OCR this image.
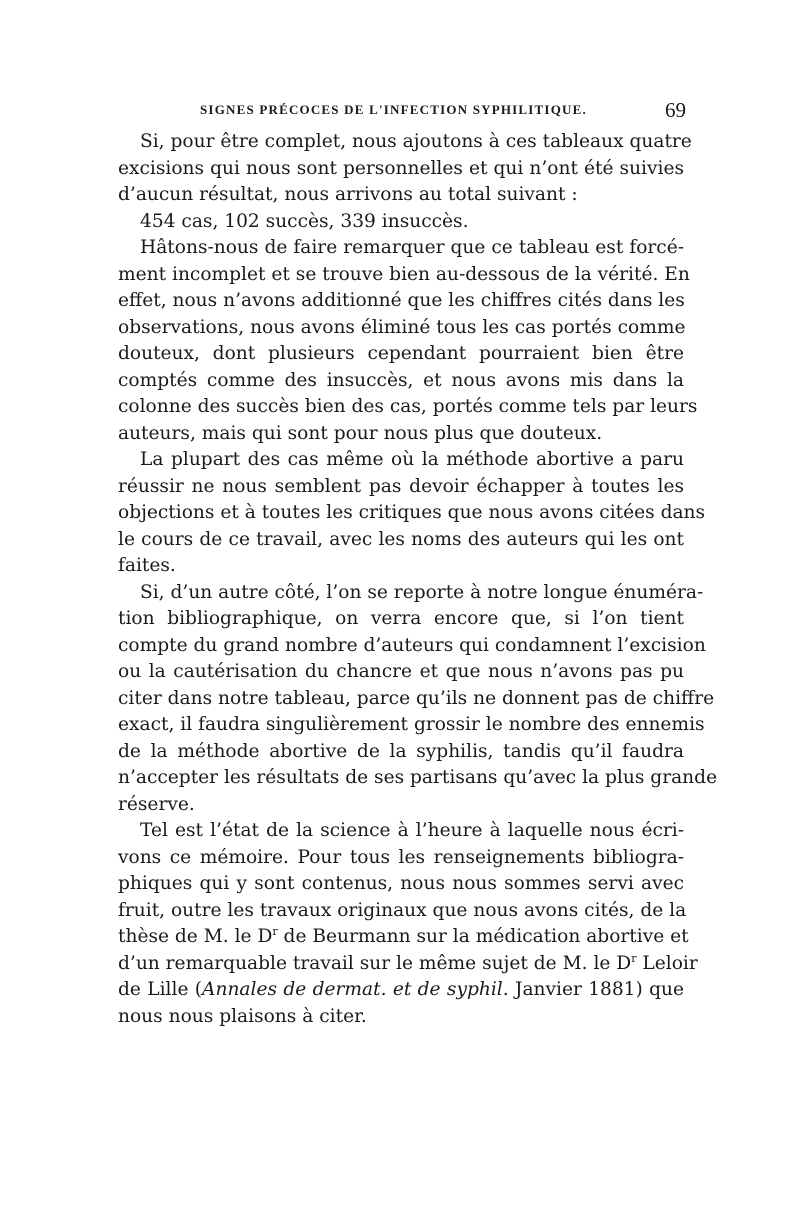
SIGNES PRÉCOCES DE L'INFECTION SYPHILITIQUE.	69
Si, pour être complet, nous ajoutons à ces tableaux quatre
excisions qui nous sont personnelles et qui n’ont été suivies
d’aucun résultat, nous arrivons au total suivant :
454 cas, 102 succès, 339 insuccès.
Hâtons-nous de faire remarquer que ce tableau est forcé-
ment incomplet et se trouve bien au-dessous de la vérité. En
effet, nous n’avons additionné que les chiffres cités dans les
observations, nous avons éliminé tous les cas portés comme
douteux, dont plusieurs cependant pourraient bien être
comptés comme des insuccès, et nous avons mis dans la
colonne des succès bien des cas, portés comme tels par leurs
auteurs, mais qui sont pour nous plus que douteux.
La plupart des cas même où la méthode abortive a paru
réussir ne nous semblent pas devoir échapper à toutes les
objections et à toutes les critiques que nous avons citées dans
le cours de ce travail, avec les noms des auteurs qui les ont
faites.
Si, d’un autre côté, l’on se reporte à notre longue énuméra-
tion bibliographique, on verra encore que, si l’on tient
compte du grand nombre d’auteurs qui condamnent l’excision
ou la cautérisation du chancre et que nous n’avons pas pu
citer dans notre tableau, parce qu’ils ne donnent pas de chiffre
exact, il faudra singulièrement grossir le nombre des ennemis
de la méthode abortive de la syphilis, tandis qu’il faudra
n’accepter les résultats de ses partisans qu’avec la plus grande
réserve.
Tel est l’état de la science à l’heure à laquelle nous écri-
vons ce mémoire. Pour tous les renseignements bibliogra-
phiques qui y sont contenus, nous nous sommes servi avec
fruit, outre les travaux originaux que nous avons cités, de la
thèse de M. le $D^r$ de Beurmann sur la médication abortive et
d’un remarquable travail sur le même sujet de M. le $D^r$ Leloir
de Lille (Annales de dermat. et de syphil. Janvier 1881) que
nous nous plaisons à citer.
